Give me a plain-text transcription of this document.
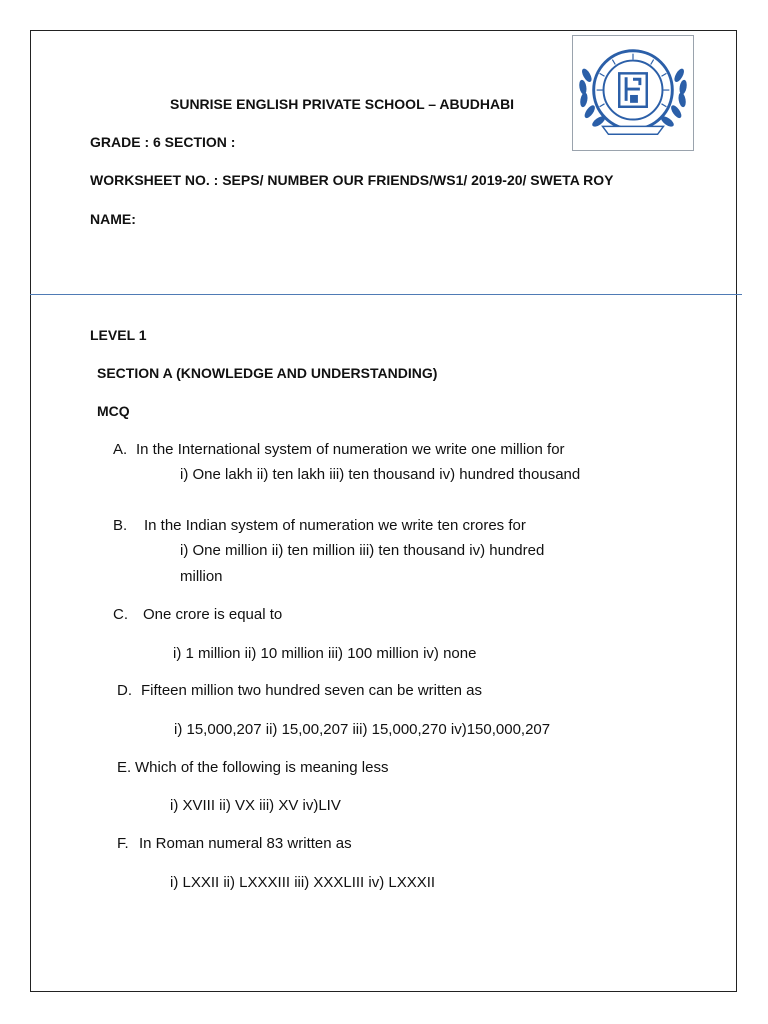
SUNRISE ENGLISH PRIVATE SCHOOL – ABUDHABI
GRADE : 6 SECTION :
WORKSHEET NO. : SEPS/ NUMBER OUR FRIENDS/WS1/ 2019-20/ SWETA ROY
NAME:
LEVEL 1
SECTION A (KNOWLEDGE AND UNDERSTANDING)
MCQ
A. In the International system of numeration we write one million for
i) One lakh ii) ten lakh iii) ten thousand iv) hundred thousand
B. In the Indian system of numeration we write ten crores for
i) One million ii) ten million iii) ten thousand iv) hundred
million
C. One crore is equal to
i) 1 million ii) 10 million iii) 100 million iv) none
D. Fifteen million two hundred seven can be written as
i) 15,000,207 ii) 15,00,207 iii) 15,000,270 iv)150,000,207
E. Which of the following is meaning less
i) XVIII ii) VX iii) XV iv)LIV
F. In Roman numeral 83 written as
i) LXXII ii) LXXXIII iii) XXXLIII iv) LXXXII
